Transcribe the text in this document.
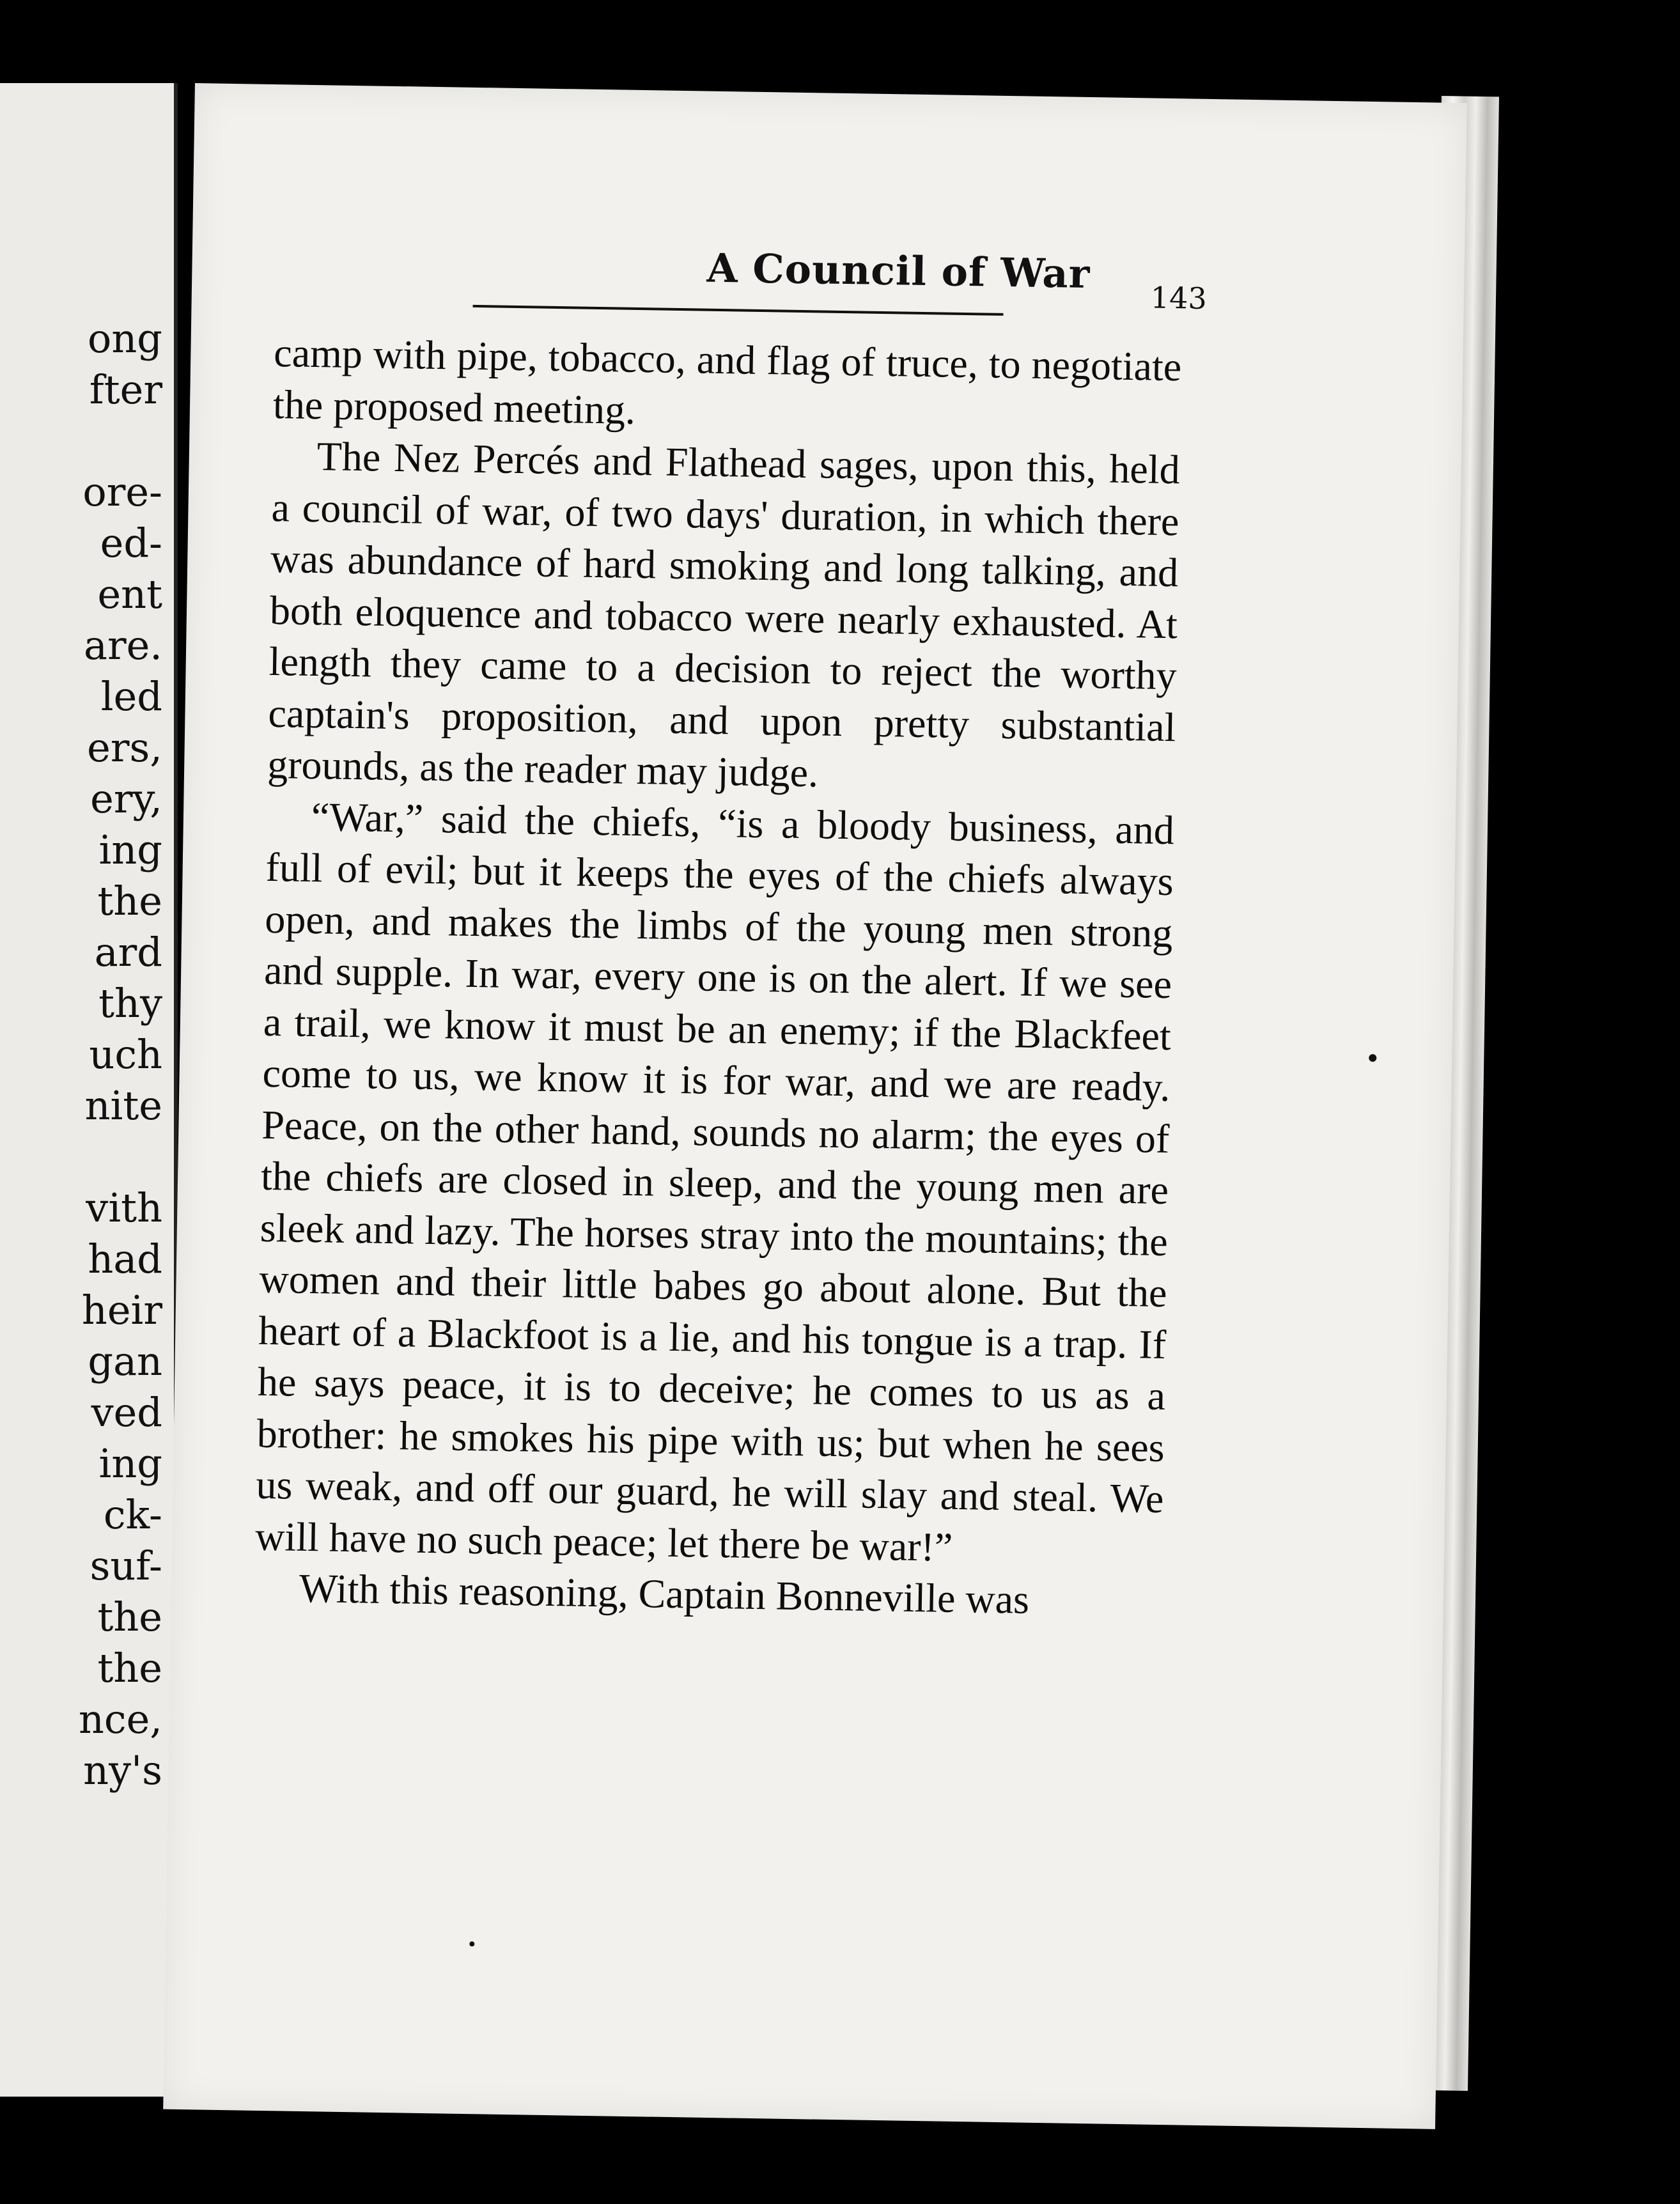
ong
fter
ore-
ed-
ent
are.
led
ers,
ery,
ing
the
ard
thy
uch
nite
vith
had
heir
gan
ved
ing
ck-
suf-
the
the
nce,
ny's
A Council of War
143

camp with pipe, tobacco, and flag of truce, to negotiate the proposed meeting.

The Nez Percés and Flathead sages, upon this, held a council of war, of two days' duration, in which there was abundance of hard smoking and long talking, and both eloquence and tobacco were nearly exhausted. At length they came to a decision to reject the worthy captain's proposition, and upon pretty substantial grounds, as the reader may judge.

“War,” said the chiefs, “is a bloody business, and full of evil; but it keeps the eyes of the chiefs always open, and makes the limbs of the young men strong and supple. In war, every one is on the alert. If we see a trail, we know it must be an enemy; if the Blackfeet come to us, we know it is for war, and we are ready. Peace, on the other hand, sounds no alarm; the eyes of the chiefs are closed in sleep, and the young men are sleek and lazy. The horses stray into the mountains; the women and their little babes go about alone. But the heart of a Blackfoot is a lie, and his tongue is a trap. If he says peace, it is to deceive; he comes to us as a brother: he smokes his pipe with us; but when he sees us weak, and off our guard, he will slay and steal. We will have no such peace; let there be war!”

With this reasoning, Captain Bonneville was
